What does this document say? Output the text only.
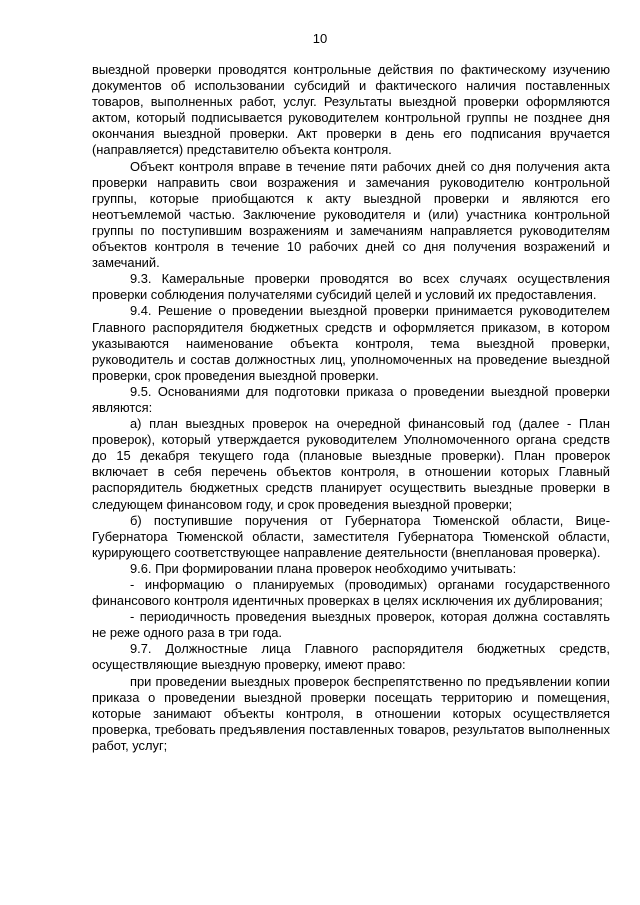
10

выездной проверки проводятся контрольные действия по фактическому изучению документов об использовании субсидий и фактического наличия поставленных товаров, выполненных работ, услуг. Результаты выездной проверки оформляются актом, который подписывается руководителем контрольной группы не позднее дня окончания выездной проверки. Акт проверки в день его подписания вручается (направляется) представителю объекта контроля.

Объект контроля вправе в течение пяти рабочих дней со дня получения акта проверки направить свои возражения и замечания руководителю контрольной группы, которые приобщаются к акту выездной проверки и являются его неотъемлемой частью. Заключение руководителя и (или) участника контрольной группы по поступившим возражениям и замечаниям направляется руководителям объектов контроля в течение 10 рабочих дней со дня получения возражений и замечаний.

9.3. Камеральные проверки проводятся во всех случаях осуществления проверки соблюдения получателями субсидий целей и условий их предоставления.

9.4. Решение о проведении выездной проверки принимается руководителем Главного распорядителя бюджетных средств и оформляется приказом, в котором указываются наименование объекта контроля, тема выездной проверки, руководитель и состав должностных лиц, уполномоченных на проведение выездной проверки, срок проведения выездной проверки.

9.5. Основаниями для подготовки приказа о проведении выездной проверки являются:

а) план выездных проверок на очередной финансовый год (далее - План проверок), который утверждается руководителем Уполномоченного органа средств до 15 декабря текущего года (плановые выездные проверки). План проверок включает в себя перечень объектов контроля, в отношении которых Главный распорядитель бюджетных средств планирует осуществить выездные проверки в следующем финансовом году, и срок проведения выездной проверки;

б) поступившие поручения от Губернатора Тюменской области, Вице-Губернатора Тюменской области, заместителя Губернатора Тюменской области, курирующего соответствующее направление деятельности (внеплановая проверка).

9.6. При формировании плана проверок необходимо учитывать:

- информацию о планируемых (проводимых) органами государственного финансового контроля идентичных проверках в целях исключения их дублирования;

- периодичность проведения выездных проверок, которая должна составлять не реже одного раза в три года.

9.7. Должностные лица Главного распорядителя бюджетных средств, осуществляющие выездную проверку, имеют право:

при проведении выездных проверок беспрепятственно по предъявлении копии приказа о проведении выездной проверки посещать территорию и помещения, которые занимают объекты контроля, в отношении которых осуществляется проверка, требовать предъявления поставленных товаров, результатов выполненных работ, услуг;
